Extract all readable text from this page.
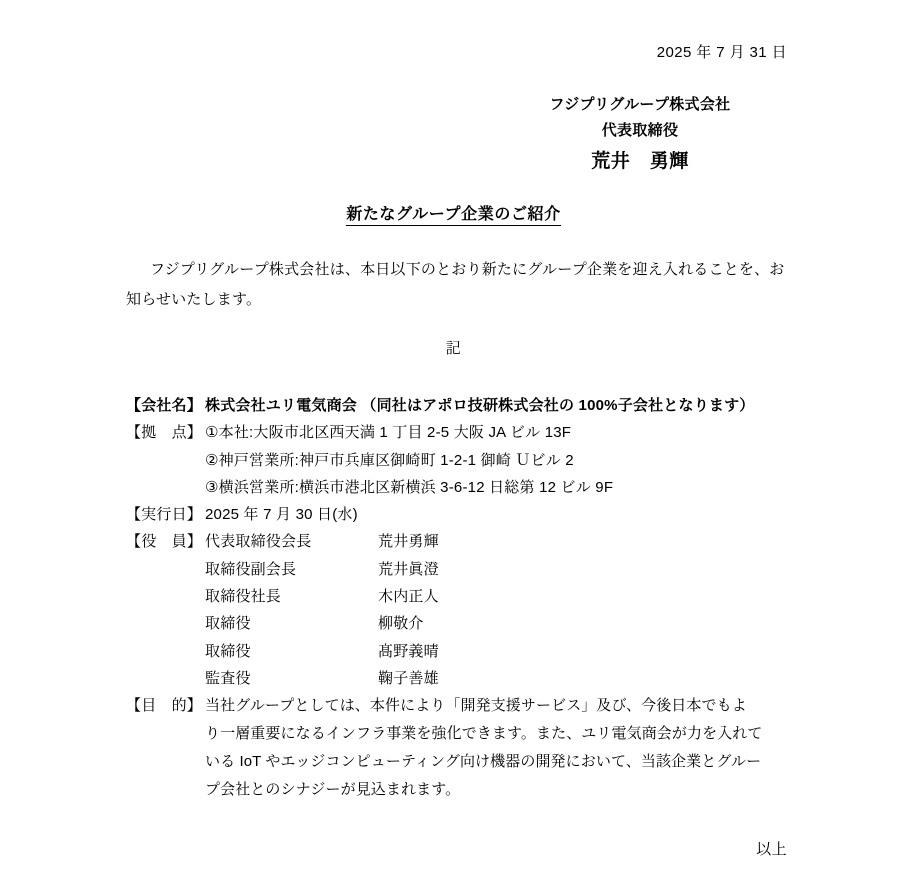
2025 年 7 月 31 日
フジプリグループ株式会社
代表取締役
荒井　勇輝
新たなグループ企業のご紹介
フジプリグループ株式会社は、本日以下のとおり新たにグループ企業を迎え入れることを、お知らせいたします。
記
【会社名】 株式会社ユリ電気商会 （同社はアポロ技研株式会社の 100%子会社となります）
【拠　点】 ①本社:大阪市北区西天満 1 丁目 2-5 大阪 JA ビル 13F
②神戸営業所:神戸市兵庫区御崎町 1-2-1 御崎 Ｕビル 2
③横浜営業所:横浜市港北区新横浜 3-6-12 日総第 12 ビル 9F
【実行日】 2025 年 7 月 30 日(水)
【役　員】 代表取締役会長	荒井勇輝
取締役副会長	荒井眞澄
取締役社長	木内正人
取締役	柳敬介
取締役	髙野義晴
監査役	鞠子善雄
【目　的】 当社グループとしては、本件により「開発支援サービス」及び、今後日本でもよ

り一層重要になるインフラ事業を強化できます。また、ユリ電気商会が力を入れて

いる IoT やエッジコンピューティング向け機器の開発において、当該企業とグルー

プ会社とのシナジーが見込まれます。

以上
